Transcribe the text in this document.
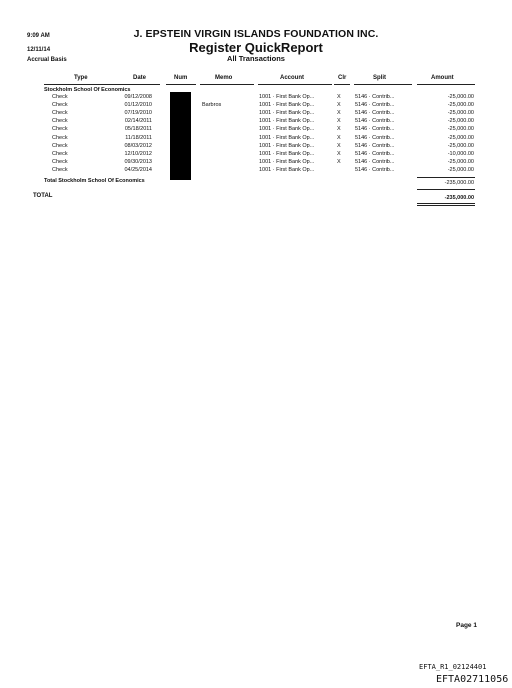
9:09 AM
12/11/14
Accrual Basis
J. EPSTEIN VIRGIN ISLANDS FOUNDATION INC.
Register QuickReport
All Transactions
Type	Date	Num	Memo	Account	Clr	Split	Amount
Stockholm School Of Economics
Check	09/12/2008	1001 · First Bank Op...	X	5146 · Contrib...	-25,000.00
Check	01/12/2010	Barbros	1001 · First Bank Op...	X	5146 · Contrib...	-25,000.00
Check	07/19/2010	1001 · First Bank Op...	X	5146 · Contrib...	-25,000.00
Check	02/14/2011	1001 · First Bank Op...	X	5146 · Contrib...	-25,000.00
Check	05/18/2011	1001 · First Bank Op...	X	5146 · Contrib...	-25,000.00
Check	11/18/2011	1001 · First Bank Op...	X	5146 · Contrib...	-25,000.00
Check	08/03/2012	1001 · First Bank Op...	X	5146 · Contrib...	-25,000.00
Check	12/10/2012	1001 · First Bank Op...	X	5146 · Contrib...	-10,000.00
Check	09/30/2013	1001 · First Bank Op...	X	5146 · Contrib...	-25,000.00
Check	04/25/2014	1001 · First Bank Op...	5146 · Contrib...	-25,000.00
Total Stockholm School Of Economics	-235,000.00
TOTAL	-235,000.00
Page 1
EFTA_R1_02124401
EFTA02711056
